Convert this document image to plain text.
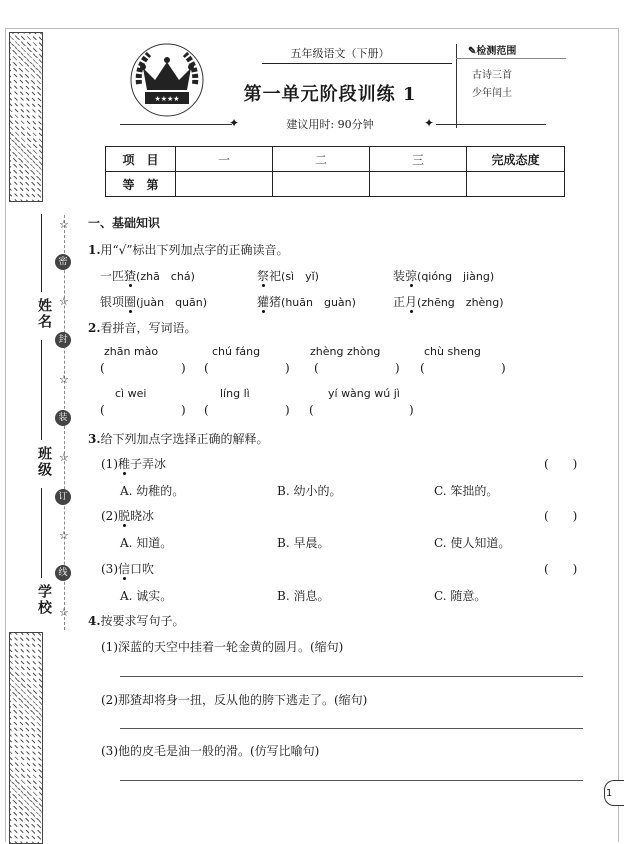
姓名
班级
学校
☆
密
☆
封
☆
装
☆
订
☆
线
☆
★★★★
五年级语文（下册）
第一单元阶段训练 1
✦	建议用时: 90分钟	✦
✎检测范围
古诗三首
少年闰土
项　目	一	二	三	完成态度
等　第				
一、基础知识
1.用“√”标出下列加点字的正确读音。
一匹猹(zhā　chá)	祭祀(sì　yǐ)	装弶(qióng　jiàng)
银项圈(juàn　quān)	獾猪(huān　guàn)	正月(zhēng　zhèng)
2.看拼音，写词语。
zhān mào	chú fáng	zhèng zhòng	chù sheng
(                    ) (                    ) (                    ) (                    )
cì wei	líng lì	yí wàng wú jì
(                    ) (                    ) (                         )
3.给下列加点字选择正确的解释。
(1)稚子弄冰	(　　)
A. 幼稚的。	B. 幼小的。	C. 笨拙的。
(2)脱晓冰	(　　)
A. 知道。	B. 早晨。	C. 使人知道。
(3)信口吹	(　　)
A. 诚实。	B. 消息。	C. 随意。
4.按要求写句子。
(1)深蓝的天空中挂着一轮金黄的圆月。(缩句)
(2)那猹却将身一扭，反从他的胯下逃走了。(缩句)
(3)他的皮毛是油一般的滑。(仿写比喻句)
1
